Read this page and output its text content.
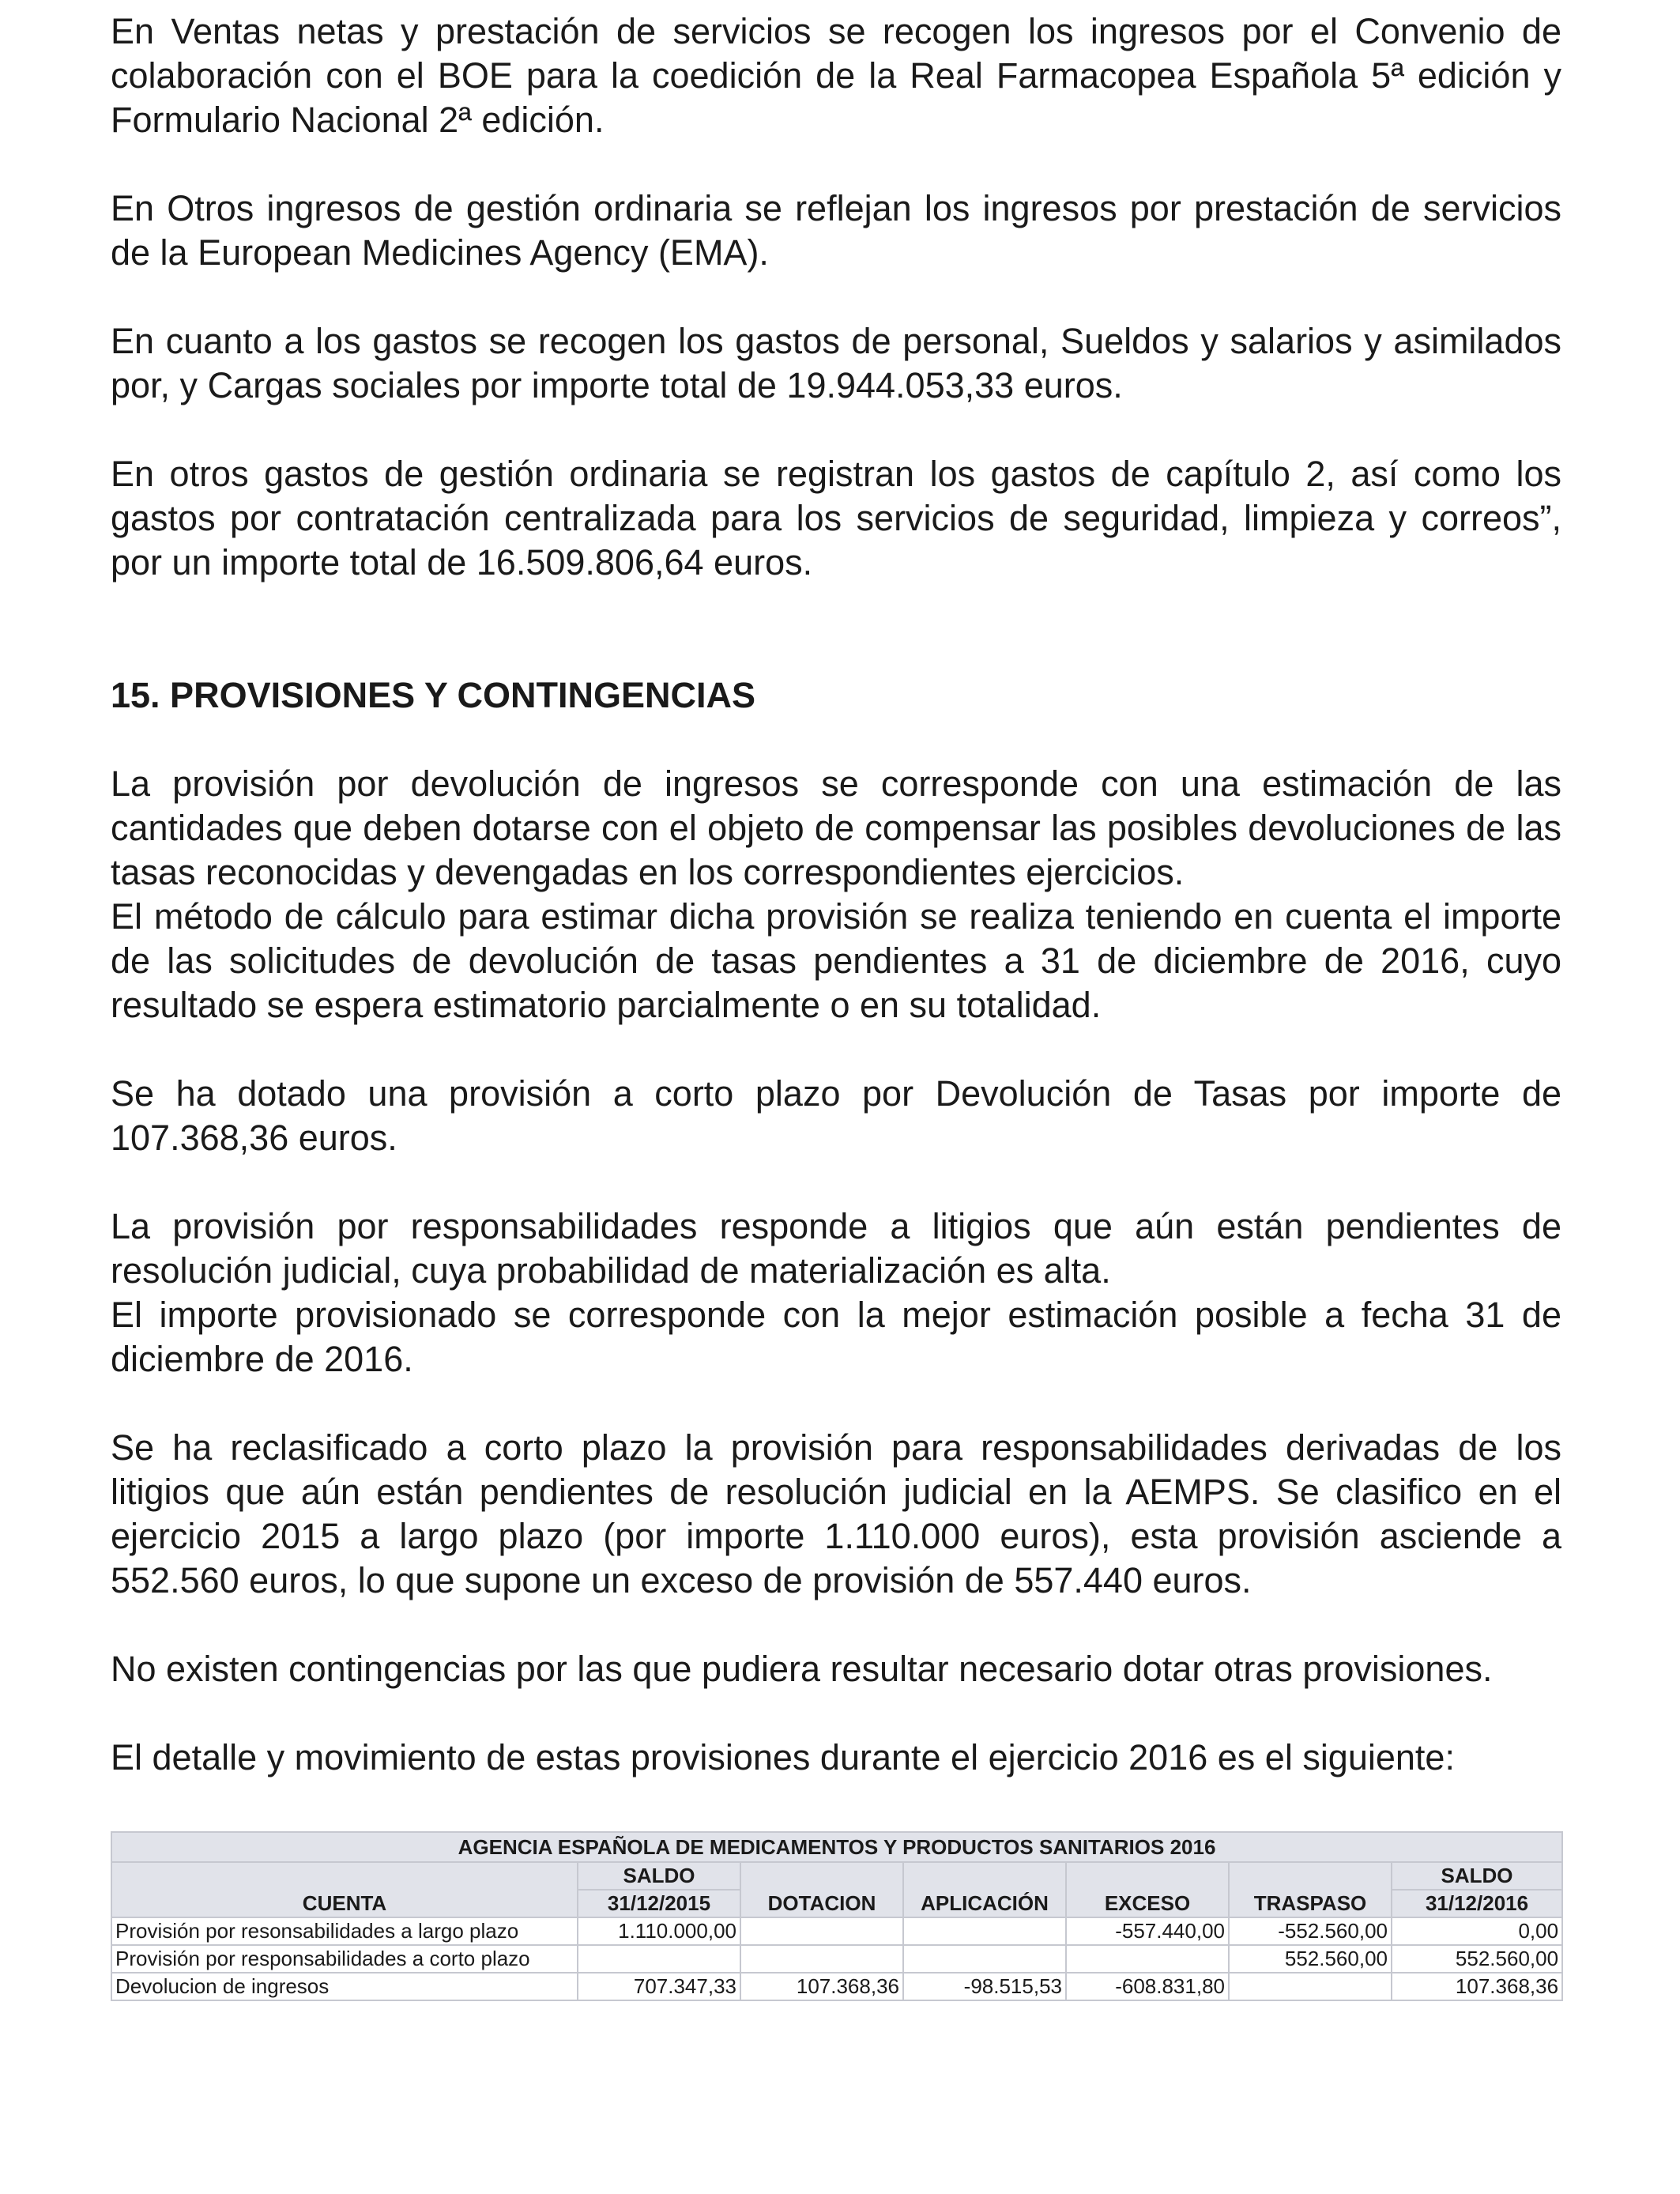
En Ventas netas y prestación de servicios se recogen los ingresos por el Convenio de colaboración con el BOE para la coedición de la Real Farmacopea Española 5ª edición y Formulario Nacional 2ª edición.

En Otros ingresos de gestión ordinaria se reflejan los ingresos por prestación de servicios de la European Medicines Agency (EMA).

En cuanto a los gastos se recogen los gastos de personal, Sueldos y salarios y asimilados por, y Cargas sociales por importe total de 19.944.053,33 euros.

En otros gastos de gestión ordinaria se registran los gastos de capítulo 2, así como los gastos por contratación centralizada para los servicios de seguridad, limpieza y correos”, por un importe total de 16.509.806,64 euros.

15. PROVISIONES Y CONTINGENCIAS

La provisión por devolución de ingresos se corresponde con una estimación de las cantidades que deben dotarse con el objeto de compensar las posibles devoluciones de las tasas reconocidas y devengadas en los correspondientes ejercicios.

El método de cálculo para estimar dicha provisión se realiza teniendo en cuenta el importe de las solicitudes de devolución de tasas pendientes a 31 de diciembre de 2016, cuyo resultado se espera estimatorio parcialmente o en su totalidad.

Se ha dotado una provisión a corto plazo por Devolución de Tasas por importe de 107.368,36 euros.

La provisión por responsabilidades responde a litigios que aún están pendientes de resolución judicial, cuya probabilidad de materialización es alta.

El importe provisionado se corresponde con la mejor estimación posible a fecha 31 de diciembre de 2016.

Se ha reclasificado a corto plazo la provisión para responsabilidades derivadas de los litigios que aún están pendientes de resolución judicial en la AEMPS. Se clasifico en el ejercicio 2015 a largo plazo (por importe 1.110.000 euros), esta provisión asciende a 552.560 euros, lo que supone un exceso de provisión de 557.440 euros.

No existen contingencias por las que pudiera resultar necesario dotar otras provisiones.

El detalle y movimiento de estas provisiones durante el ejercicio 2016 es el siguiente:

AGENCIA ESPAÑOLA DE MEDICAMENTOS Y PRODUCTOS SANITARIOS 2016						
CUENTA	SALDO	DOTACION	APLICACIÓN	EXCESO	TRASPASO	SALDO
	31/12/2015					31/12/2016
Provisión por resonsabilidades a largo plazo	1.110.000,00			-557.440,00	-552.560,00	0,00
Provisión por responsabilidades a corto plazo					552.560,00	552.560,00
Devolucion de ingresos	707.347,33	107.368,36	-98.515,53	-608.831,80		107.368,36
